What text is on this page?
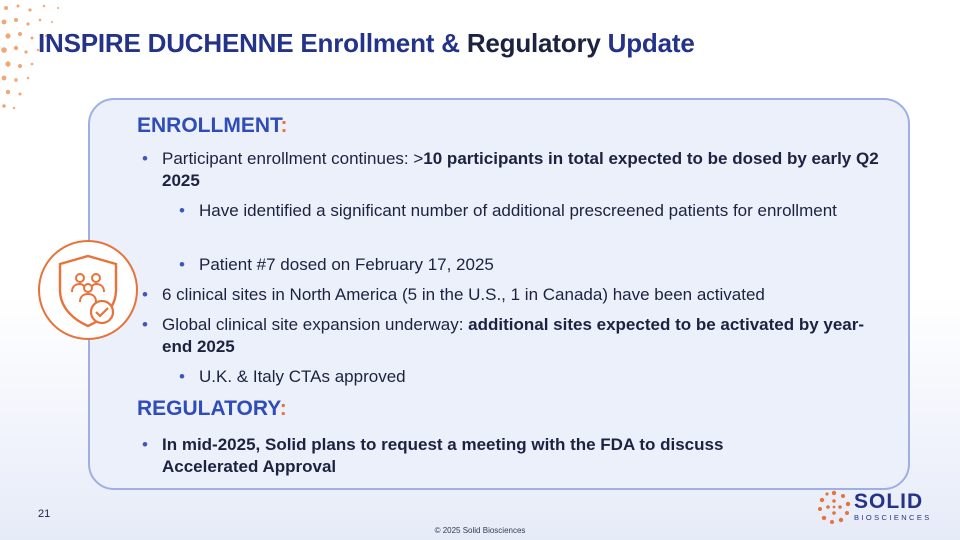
INSPIRE DUCHENNE Enrollment & Regulatory Update
ENROLLMENT:
• Participant enrollment continues: >10 participants in total expected to be dosed by early Q2 2025
• Have identified a significant number of additional prescreened patients for enrollment
• Patient #7 dosed on February 17, 2025
• 6 clinical sites in North America (5 in the U.S., 1 in Canada) have been activated
• Global clinical site expansion underway: additional sites expected to be activated by year-end 2025
• U.K. & Italy CTAs approved
REGULATORY:
• In mid-2025, Solid plans to request a meeting with the FDA to discuss Accelerated Approval
21
© 2025 Solid Biosciences
SOLID
BIOSCIENCES
